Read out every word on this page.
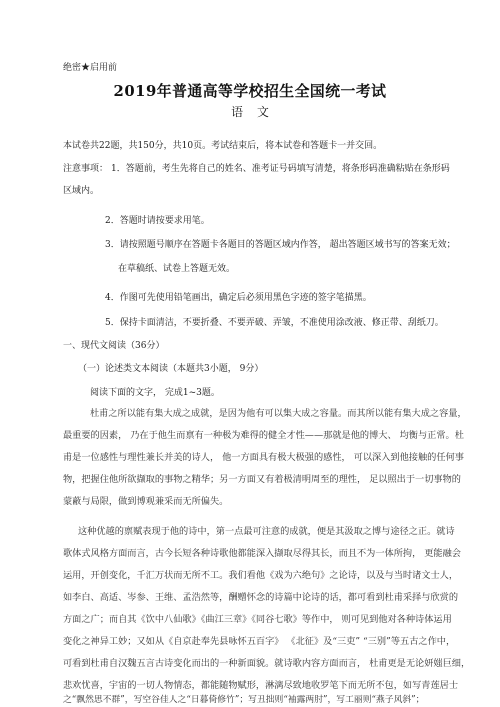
绝密★启用前
2019年普通高等学校招生全国统一考试
语文
本试卷共22题，共150分，共10页。考试结束后，将本试卷和答题卡一并交回。
注意事项： 1．答题前，考生先将自己的姓名、准考证号码填写清楚，将条形码准确粘贴在条形码
区域内。
2．答题时请按要求用笔。
3．请按照题号顺序在答题卡各题目的答题区域内作答， 超出答题区域书写的答案无效；
在草稿纸、试卷上答题无效。
4．作图可先使用铅笔画出，确定后必须用黑色字迹的签字笔描黑。
5．保持卡面清洁，不要折叠、不要弄破、弄皱，不准使用涂改液、修正带、刮纸刀。
一、现代文阅读（36分）
（一）论述类文本阅读（本题共3小题， 9分）
阅读下面的文字， 完成1~3题。
杜甫之所以能有集大成之成就，是因为他有可以集大成之容量。而其所以能有集大成之容量，
最重要的因素， 乃在于他生而禀有一种极为难得的健全才性——那就是他的博大、 均衡与正常。杜
甫是一位感性与理性兼长并美的诗人， 他一方面具有极大极强的感性， 可以深入到他接触的任何事
物，把握住他所欲撷取的事物之精华；另一方面又有着极清明周至的理性， 足以照出于一切事物的
蒙蔽与局限，做到博观兼采而无所偏失。
这种优越的禀赋表现于他的诗中，第一点最可注意的成就，便是其汲取之博与途径之正。就诗
歌体式风格方面而言，古今长短各种诗歌他都能深入撷取尽得其长，而且不为一体所拘， 更能融会
运用，开创变化，千汇万状而无所不工。我们看他《戏为六绝句》之论诗，以及与当时诸文士人，
如李白、高适、岑参、王维、孟浩然等，酬赠怀念的诗篇中论诗的话，都可看到杜甫采择与欣赏的
方面之广；而自其《饮中八仙歌》《曲江三章》《同谷七歌》等作中， 则可见到他对各种诗体运用
变化之神异工妙；又如从《自京赴奉先县咏怀五百字》 《北征》及“三吏” “三别”等五古之作中，
可看到杜甫自汉魏五言古诗变化而出的一种新面貌。就诗歌内容方面而言， 杜甫更是无论妍媸巨细，
悲欢忧喜，宇宙的一切人物情态，都能随物赋形，淋漓尽致地收罗笔下而无所不包，如写青莲居士
之“飘然思不群”，写空谷佳人之“日暮倚修竹”；写丑拙则“袖露两肘”，写工丽则“燕子风斜”；
